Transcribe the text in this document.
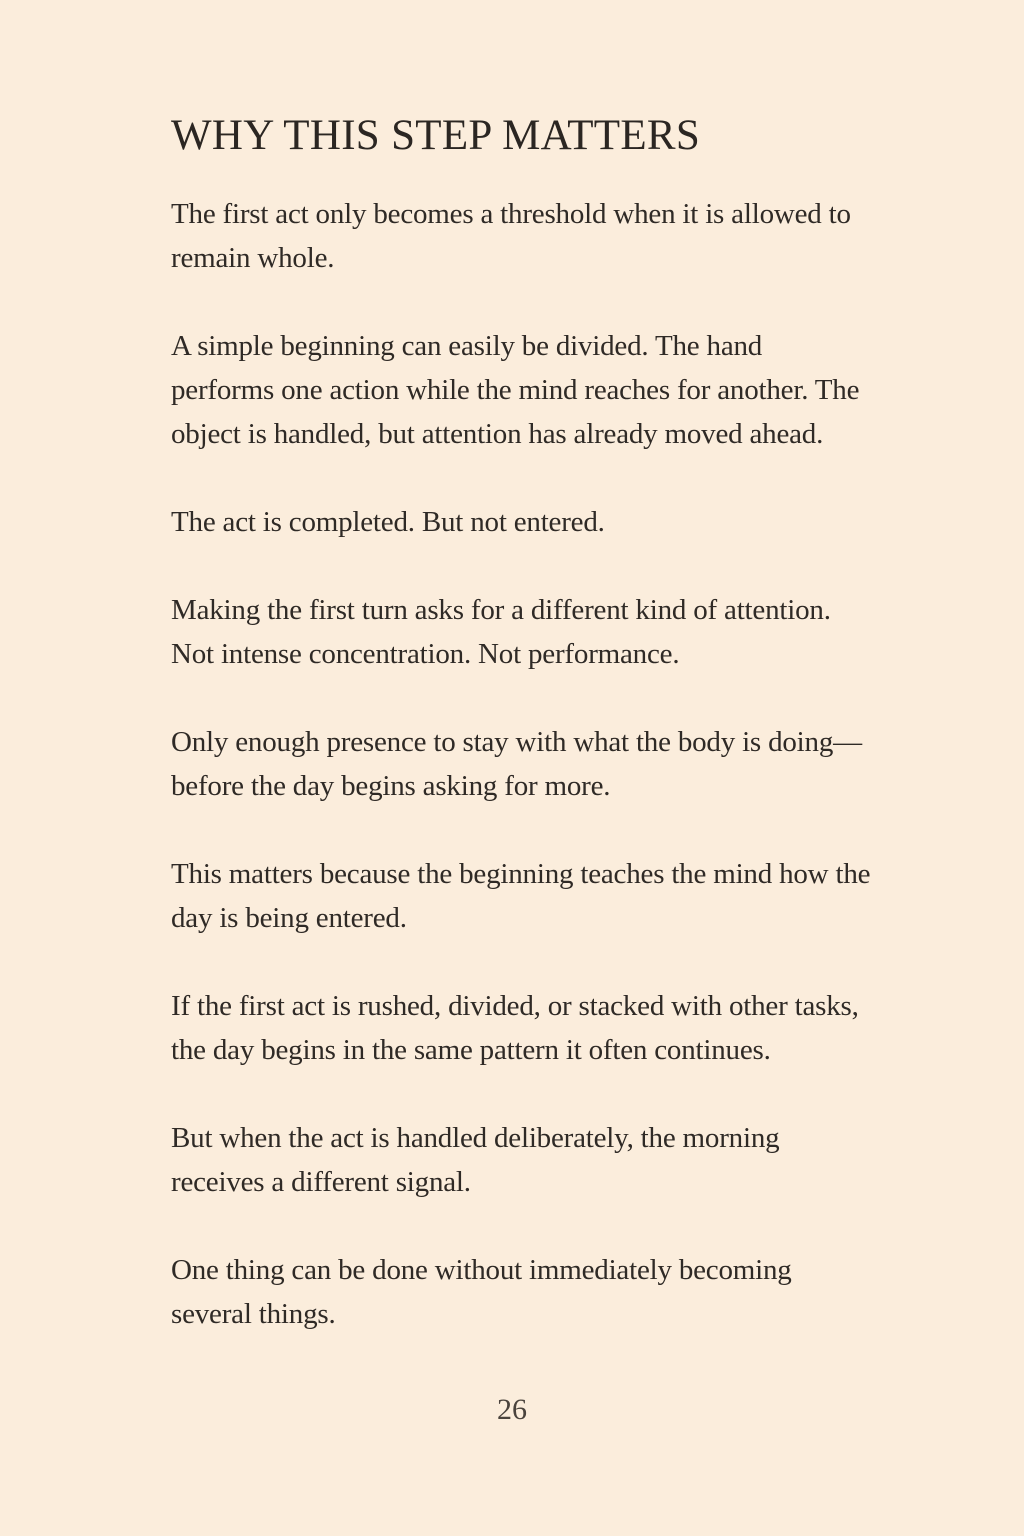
WHY THIS STEP MATTERS

The first act only becomes a threshold when it is allowed to remain whole.

A simple beginning can easily be divided. The hand performs one action while the mind reaches for another. The object is handled, but attention has already moved ahead.

The act is completed. But not entered.

Making the first turn asks for a different kind of attention. Not intense concentration. Not performance.

Only enough presence to stay with what the body is doing—before the day begins asking for more.

This matters because the beginning teaches the mind how the day is being entered.

If the first act is rushed, divided, or stacked with other tasks, the day begins in the same pattern it often continues.

But when the act is handled deliberately, the morning receives a different signal.

One thing can be done without immediately becoming several things.

26
